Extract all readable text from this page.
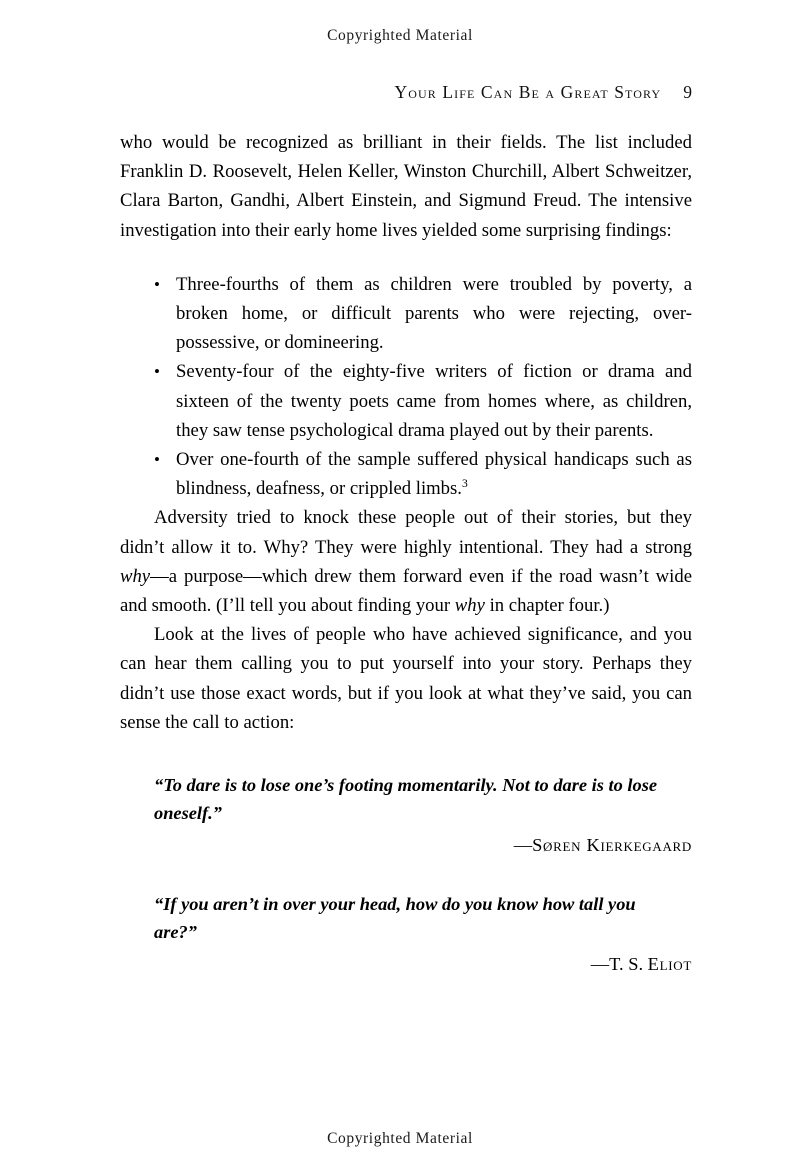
Copyrighted Material
Your Life Can Be a Great Story 9

who would be recognized as brilliant in their fields. The list included Franklin D. Roosevelt, Helen Keller, Winston Churchill, Albert Schweitzer, Clara Barton, Gandhi, Albert Einstein, and Sigmund Freud. The intensive investigation into their early home lives yielded some surprising findings:

• Three-fourths of them as children were troubled by poverty, a broken home, or difficult parents who were rejecting, over-possessive, or domineering.
• Seventy-four of the eighty-five writers of fiction or drama and sixteen of the twenty poets came from homes where, as children, they saw tense psychological drama played out by their parents.
• Over one-fourth of the sample suffered physical handicaps such as blindness, deafness, or crippled limbs.$^3$

Adversity tried to knock these people out of their stories, but they didn’t allow it to. Why? They were highly intentional. They had a strong why—a purpose—which drew them forward even if the road wasn’t wide and smooth. (I’ll tell you about finding your why in chapter four.)

Look at the lives of people who have achieved significance, and you can hear them calling you to put yourself into your story. Perhaps they didn’t use those exact words, but if you look at what they’ve said, you can sense the call to action:

“To dare is to lose one’s footing momentarily. Not to dare is to lose oneself.”

—Søren Kierkegaard

“If you aren’t in over your head, how do you know how tall you are?”

—T. S. Eliot

Copyrighted Material
